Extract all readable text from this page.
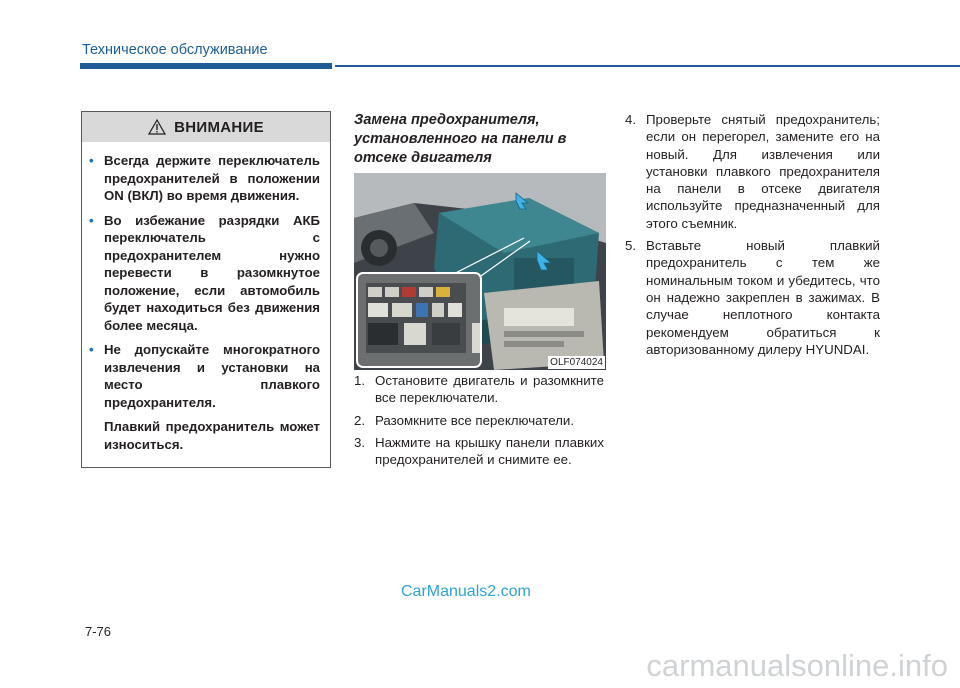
Техническое обслуживание
ВНИМАНИЕ
• Всегда держите переключатель предохранителей в положении ON (ВКЛ) во время движения.
• Во избежание разрядки АКБ переключатель с предохранителем нужно перевести в разомкнутое положение, если автомобиль будет находиться без движения более месяца.
• Не допускайте многократного извлечения и установки на место плавкого предохранителя.
Плавкий предохранитель может износиться.
Замена предохранителя, установленного на панели в отсеке двигателя
OLF074024
1. Остановите двигатель и разомкните все переключатели.
2. Разомкните все переключатели.
3. Нажмите на крышку панели плавких предохранителей и снимите ее.
4. Проверьте снятый предохранитель; если он перегорел, замените его на новый. Для извлечения или установки плавкого предохранителя на панели в отсеке двигателя используйте предназначенный для этого съемник.
5. Вставьте новый плавкий предохранитель с тем же номинальным током и убедитесь, что он надежно закреплен в зажимах. В случае неплотного контакта рекомендуем обратиться к авторизованному дилеру HYUNDAI.
CarManuals2.com
7-76
carmanualsonline.info
